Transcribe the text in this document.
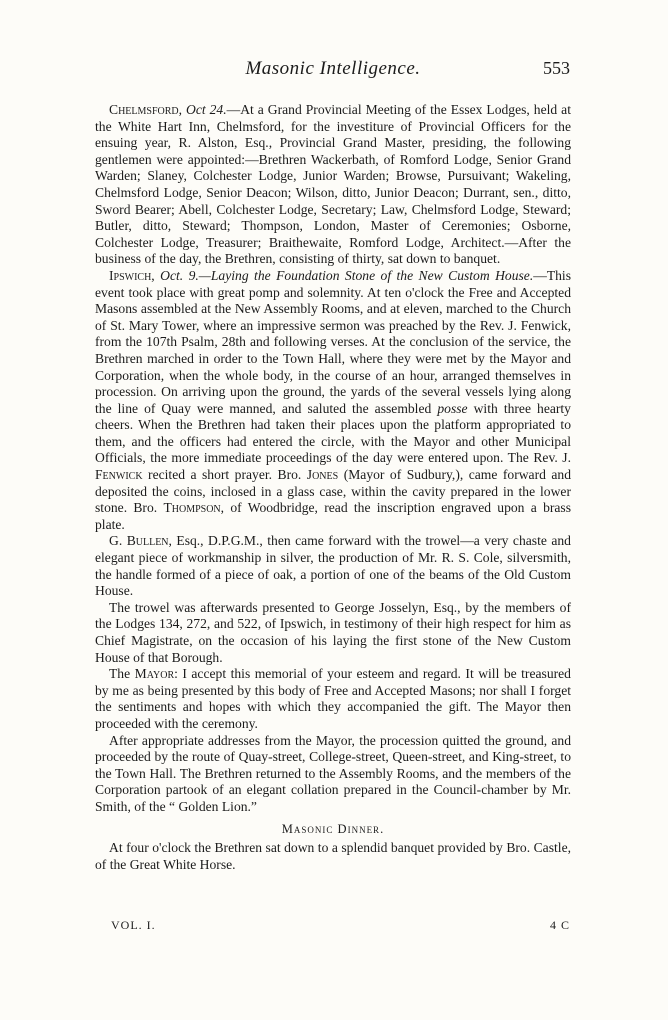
Masonic Intelligence.	553

Chelmsford, Oct 24.—At a Grand Provincial Meeting of the Essex Lodges, held at the White Hart Inn, Chelmsford, for the investiture of Provincial Officers for the ensuing year, R. Alston, Esq., Provincial Grand Master, presiding, the following gentlemen were appointed:—Brethren Wackerbath, of Romford Lodge, Senior Grand Warden; Slaney, Colchester Lodge, Junior Warden; Browse, Pursuivant; Wakeling, Chelmsford Lodge, Senior Deacon; Wilson, ditto, Junior Deacon; Durrant, sen., ditto, Sword Bearer; Abell, Colchester Lodge, Secretary; Law, Chelmsford Lodge, Steward; Butler, ditto, Steward; Thompson, London, Master of Ceremonies; Osborne, Colchester Lodge, Treasurer; Braithewaite, Romford Lodge, Architect.—After the business of the day, the Brethren, consisting of thirty, sat down to banquet.

Ipswich, Oct. 9.—Laying the Foundation Stone of the New Custom House.—This event took place with great pomp and solemnity. At ten o'clock the Free and Accepted Masons assembled at the New Assembly Rooms, and at eleven, marched to the Church of St. Mary Tower, where an impressive sermon was preached by the Rev. J. Fenwick, from the 107th Psalm, 28th and following verses. At the conclusion of the service, the Brethren marched in order to the Town Hall, where they were met by the Mayor and Corporation, when the whole body, in the course of an hour, arranged themselves in procession. On arriving upon the ground, the yards of the several vessels lying along the line of Quay were manned, and saluted the assembled posse with three hearty cheers. When the Brethren had taken their places upon the platform appropriated to them, and the officers had entered the circle, with the Mayor and other Municipal Officials, the more immediate proceedings of the day were entered upon. The Rev. J. Fenwick recited a short prayer. Bro. Jones (Mayor of Sudbury,), came forward and deposited the coins, inclosed in a glass case, within the cavity prepared in the lower stone. Bro. Thompson, of Woodbridge, read the inscription engraved upon a brass plate.

G. Bullen, Esq., D.P.G.M., then came forward with the trowel—a very chaste and elegant piece of workmanship in silver, the production of Mr. R. S. Cole, silversmith, the handle formed of a piece of oak, a portion of one of the beams of the Old Custom House.

The trowel was afterwards presented to George Josselyn, Esq., by the members of the Lodges 134, 272, and 522, of Ipswich, in testimony of their high respect for him as Chief Magistrate, on the occasion of his laying the first stone of the New Custom House of that Borough.

The Mayor: I accept this memorial of your esteem and regard. It will be treasured by me as being presented by this body of Free and Accepted Masons; nor shall I forget the sentiments and hopes with which they accompanied the gift. The Mayor then proceeded with the ceremony.

After appropriate addresses from the Mayor, the procession quitted the ground, and proceeded by the route of Quay-street, College-street, Queen-street, and King-street, to the Town Hall. The Brethren returned to the Assembly Rooms, and the members of the Corporation partook of an elegant collation prepared in the Council-chamber by Mr. Smith, of the “ Golden Lion.”

Masonic Dinner.

At four o'clock the Brethren sat down to a splendid banquet provided by Bro. Castle, of the Great White Horse.

VOL. I.	4 C
